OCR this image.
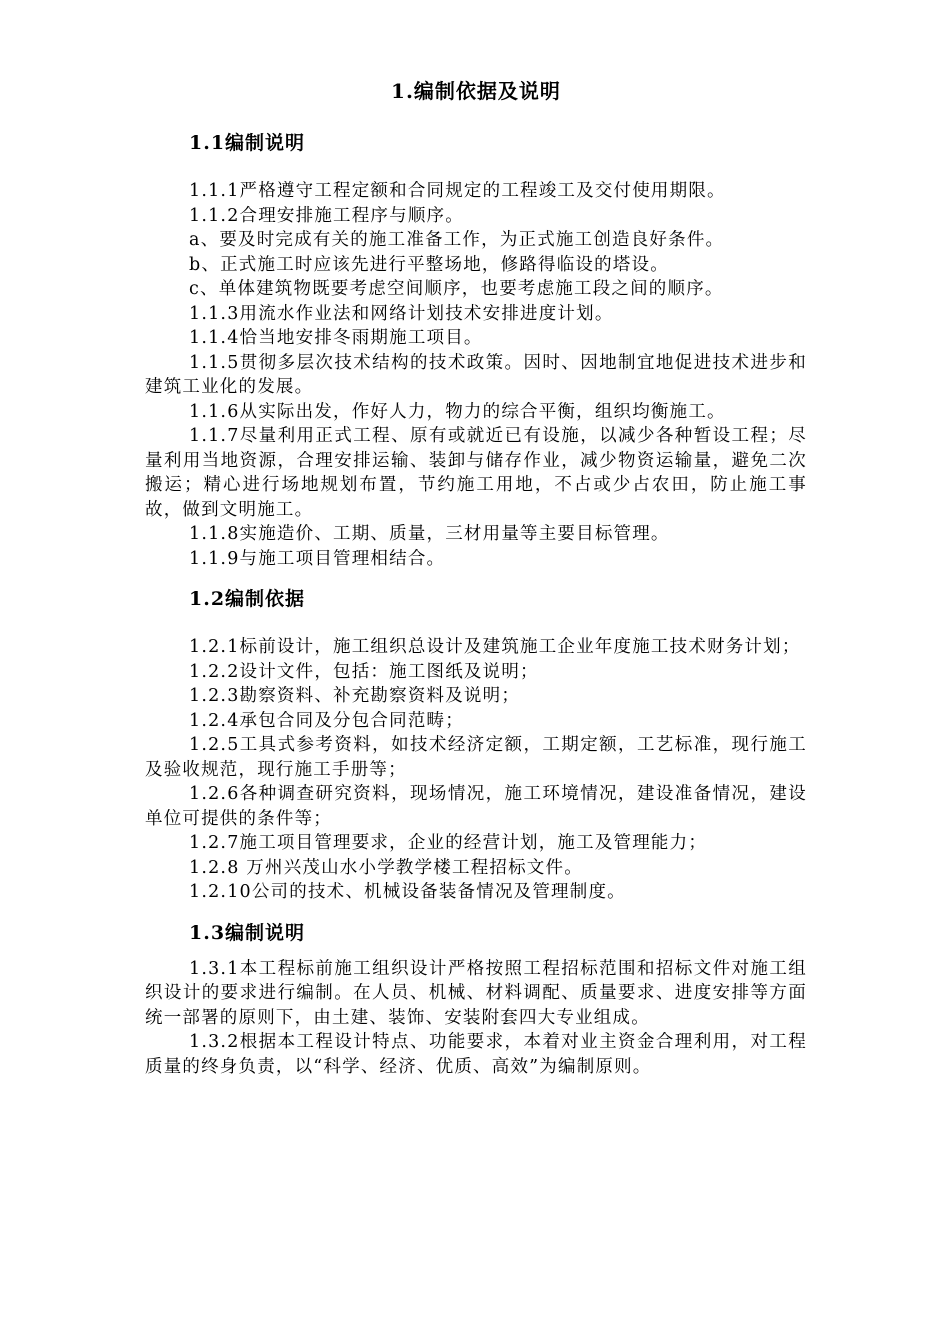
1.编制依据及说明
1.1编制说明

1.1.1严格遵守工程定额和合同规定的工程竣工及交付使用期限。

1.1.2合理安排施工程序与顺序。

a、要及时完成有关的施工准备工作，为正式施工创造良好条件。

b、正式施工时应该先进行平整场地，修路得临设的塔设。

c、单体建筑物既要考虑空间顺序，也要考虑施工段之间的顺序。

1.1.3用流水作业法和网络计划技术安排进度计划。

1.1.4恰当地安排冬雨期施工项目。

1.1.5贯彻多层次技术结构的技术政策。因时、因地制宜地促进技术进步和建筑工业化的发展。

1.1.6从实际出发，作好人力，物力的综合平衡，组织均衡施工。

1.1.7尽量利用正式工程、原有或就近已有设施，以减少各种暂设工程；尽量利用当地资源，合理安排运输、装卸与储存作业，减少物资运输量，避免二次搬运；精心进行场地规划布置，节约施工用地，不占或少占农田，防止施工事故，做到文明施工。

1.1.8实施造价、工期、质量，三材用量等主要目标管理。

1.1.9与施工项目管理相结合。

1.2编制依据

1.2.1标前设计，施工组织总设计及建筑施工企业年度施工技术财务计划；

1.2.2设计文件，包括：施工图纸及说明；

1.2.3勘察资料、补充勘察资料及说明；

1.2.4承包合同及分包合同范畴；

1.2.5工具式参考资料，如技术经济定额，工期定额，工艺标准，现行施工及验收规范，现行施工手册等；

1.2.6各种调查研究资料，现场情况，施工环境情况，建设准备情况，建设单位可提供的条件等；

1.2.7施工项目管理要求，企业的经营计划，施工及管理能力；

1.2.8 万州兴茂山水小学教学楼工程招标文件。

1.2.10公司的技术、机械设备装备情况及管理制度。

1.3编制说明

1.3.1本工程标前施工组织设计严格按照工程招标范围和招标文件对施工组织设计的要求进行编制。在人员、机械、材料调配、质量要求、进度安排等方面统一部署的原则下，由土建、装饰、安装附套四大专业组成。

1.3.2根据本工程设计特点、功能要求，本着对业主资金合理利用，对工程质量的终身负责，以“科学、经济、优质、高效”为编制原则。
